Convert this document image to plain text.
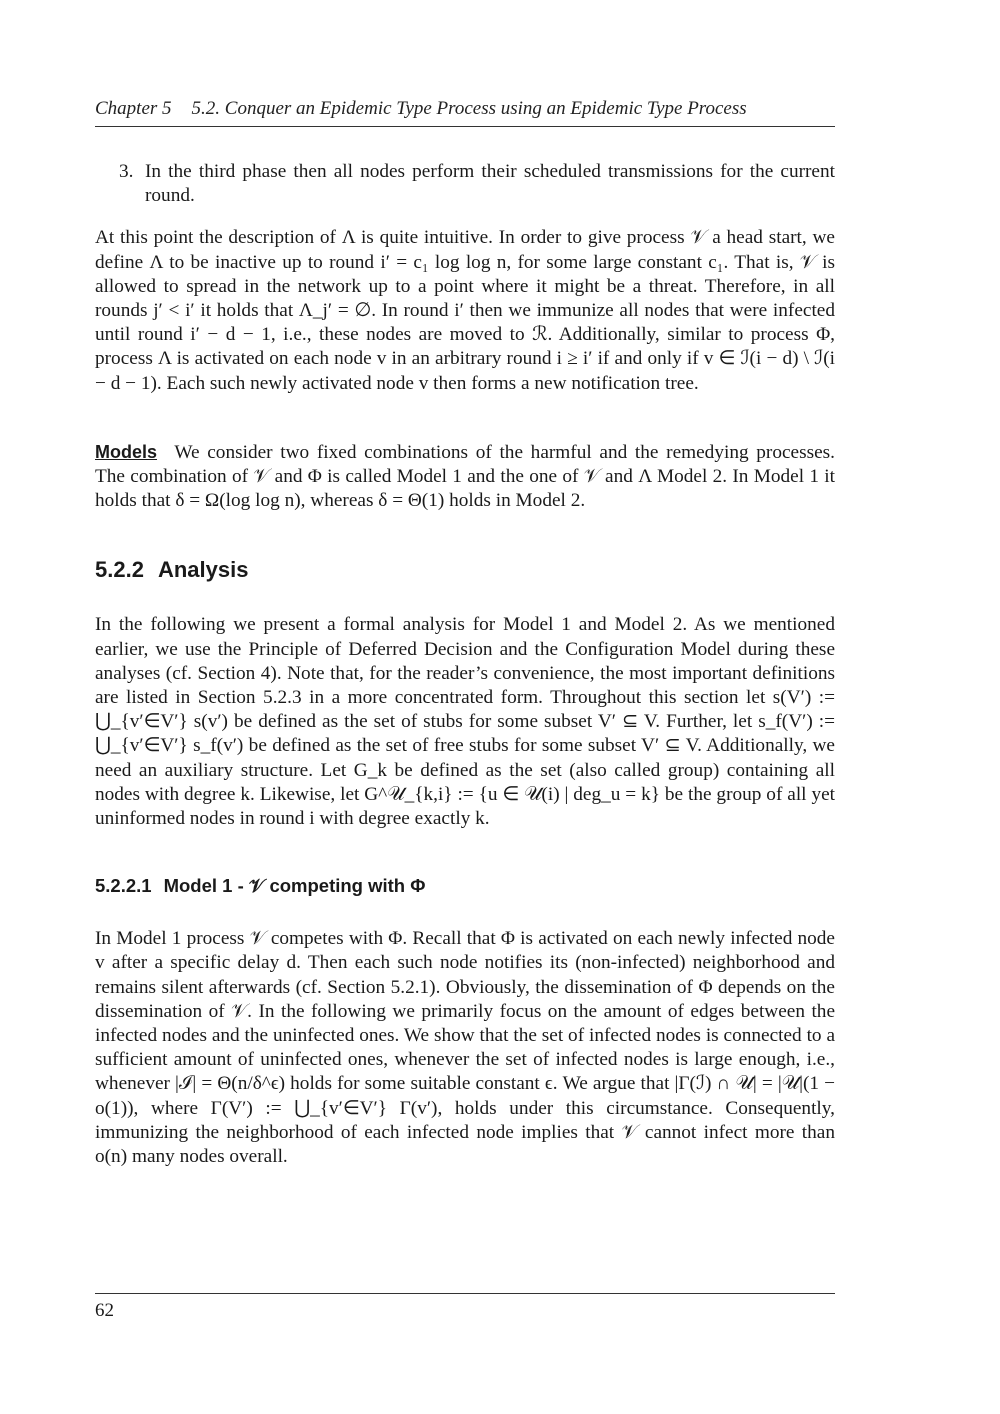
Chapter 5 5.2. Conquer an Epidemic Type Process using an Epidemic Type Process
3. In the third phase then all nodes perform their scheduled transmissions for the current round.

At this point the description of Λ is quite intuitive. In order to give process 𝒱 a head start, we define Λ to be inactive up to round i′ = c₁ log log n, for some large constant c₁. That is, 𝒱 is allowed to spread in the network up to a point where it might be a threat. Therefore, in all rounds j′ < i′ it holds that Λ_j′ = ∅. In round i′ then we immunize all nodes that were infected until round i′ − d − 1, i.e., these nodes are moved to ℛ. Additionally, similar to process Φ, process Λ is activated on each node v in an arbitrary round i ≥ i′ if and only if v ∈ ℐ(i − d) \ ℐ(i − d − 1). Each such newly activated node v then forms a new notification tree.

Models We consider two fixed combinations of the harmful and the remedying processes. The combination of 𝒱 and Φ is called Model 1 and the one of 𝒱 and Λ Model 2. In Model 1 it holds that δ = Ω(log log n), whereas δ = Θ(1) holds in Model 2.

5.2.2 Analysis

In the following we present a formal analysis for Model 1 and Model 2. As we mentioned earlier, we use the Principle of Deferred Decision and the Configuration Model during these analyses (cf. Section 4). Note that, for the reader’s convenience, the most important definitions are listed in Section 5.2.3 in a more concentrated form. Throughout this section let s(V′) := ⋃_{v′∈V′} s(v′) be defined as the set of stubs for some subset V′ ⊆ V. Further, let s_f(V′) := ⋃_{v′∈V′} s_f(v′) be defined as the set of free stubs for some subset V′ ⊆ V. Additionally, we need an auxiliary structure. Let G_k be defined as the set (also called group) containing all nodes with degree k. Likewise, let G^𝒰_{k,i} := {u ∈ 𝒰(i) | deg_u = k} be the group of all yet uninformed nodes in round i with degree exactly k.

5.2.2.1 Model 1 - 𝒱 competing with Φ

In Model 1 process 𝒱 competes with Φ. Recall that Φ is activated on each newly infected node v after a specific delay d. Then each such node notifies its (non-infected) neighborhood and remains silent afterwards (cf. Section 5.2.1). Obviously, the dissemination of Φ depends on the dissemination of 𝒱. In the following we primarily focus on the amount of edges between the infected nodes and the uninfected ones. We show that the set of infected nodes is connected to a sufficient amount of uninfected ones, whenever the set of infected nodes is large enough, i.e., whenever |ℐ| = Θ(n/δ^ϵ) holds for some suitable constant ϵ. We argue that |Γ(ℐ) ∩ 𝒰| = |𝒰|(1 − o(1)), where Γ(V′) := ⋃_{v′∈V′} Γ(v′), holds under this circumstance. Consequently, immunizing the neighborhood of each infected node implies that 𝒱 cannot infect more than o(n) many nodes overall.

62
